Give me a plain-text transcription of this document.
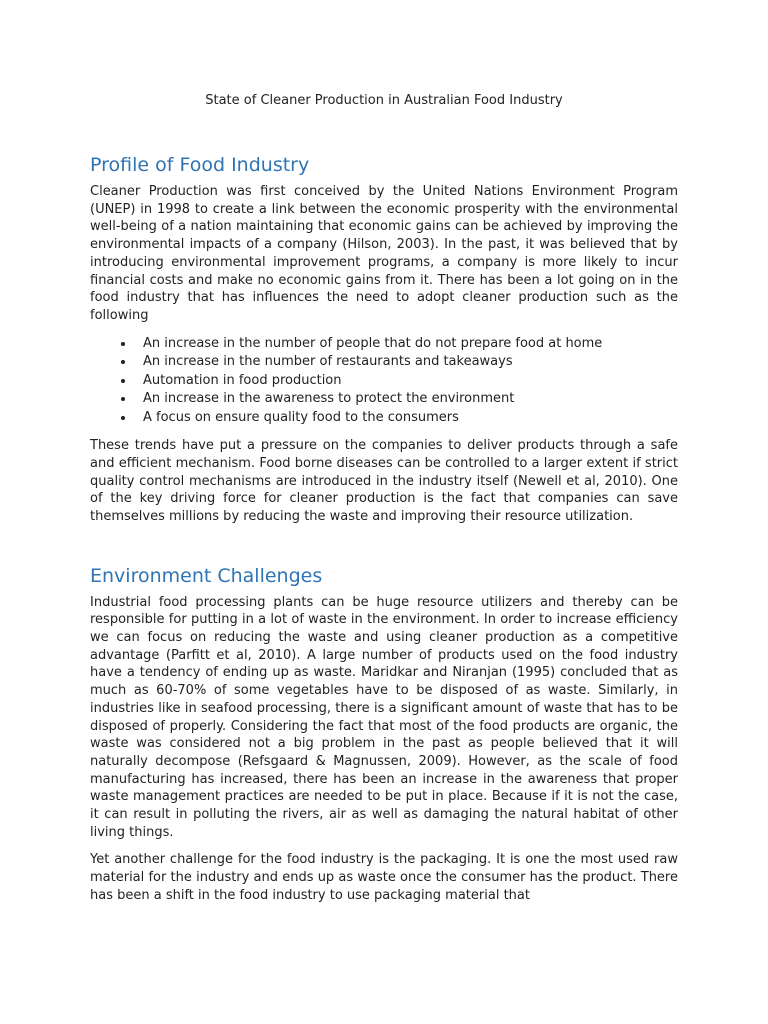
State of Cleaner Production in Australian Food Industry
Profile of Food Industry

Cleaner Production was first conceived by the United Nations Environment Program (UNEP) in 1998 to create a link between the economic prosperity with the environmental well-being of a nation maintaining that economic gains can be achieved by improving the environmental impacts of a company (Hilson, 2003). In the past, it was believed that by introducing environmental improvement programs, a company is more likely to incur financial costs and make no economic gains from it. There has been a lot going on in the food industry that has influences the need to adopt cleaner production such as the following

• An increase in the number of people that do not prepare food at home
• An increase in the number of restaurants and takeaways
• Automation in food production
• An increase in the awareness to protect the environment
• A focus on ensure quality food to the consumers

These trends have put a pressure on the companies to deliver products through a safe and efficient mechanism. Food borne diseases can be controlled to a larger extent if strict quality control mechanisms are introduced in the industry itself (Newell et al, 2010). One of the key driving force for cleaner production is the fact that companies can save themselves millions by reducing the waste and improving their resource utilization.

Environment Challenges

Industrial food processing plants can be huge resource utilizers and thereby can be responsible for putting in a lot of waste in the environment. In order to increase efficiency we can focus on reducing the waste and using cleaner production as a competitive advantage (Parfitt et al, 2010). A large number of products used on the food industry have a tendency of ending up as waste. Maridkar and Niranjan (1995) concluded that as much as 60-70% of some vegetables have to be disposed of as waste. Similarly, in industries like in seafood processing, there is a significant amount of waste that has to be disposed of properly. Considering the fact that most of the food products are organic, the waste was considered not a big problem in the past as people believed that it will naturally decompose (Refsgaard & Magnussen, 2009). However, as the scale of food manufacturing has increased, there has been an increase in the awareness that proper waste management practices are needed to be put in place. Because if it is not the case, it can result in polluting the rivers, air as well as damaging the natural habitat of other living things.

Yet another challenge for the food industry is the packaging. It is one the most used raw material for the industry and ends up as waste once the consumer has the product. There has been a shift in the food industry to use packaging material that
